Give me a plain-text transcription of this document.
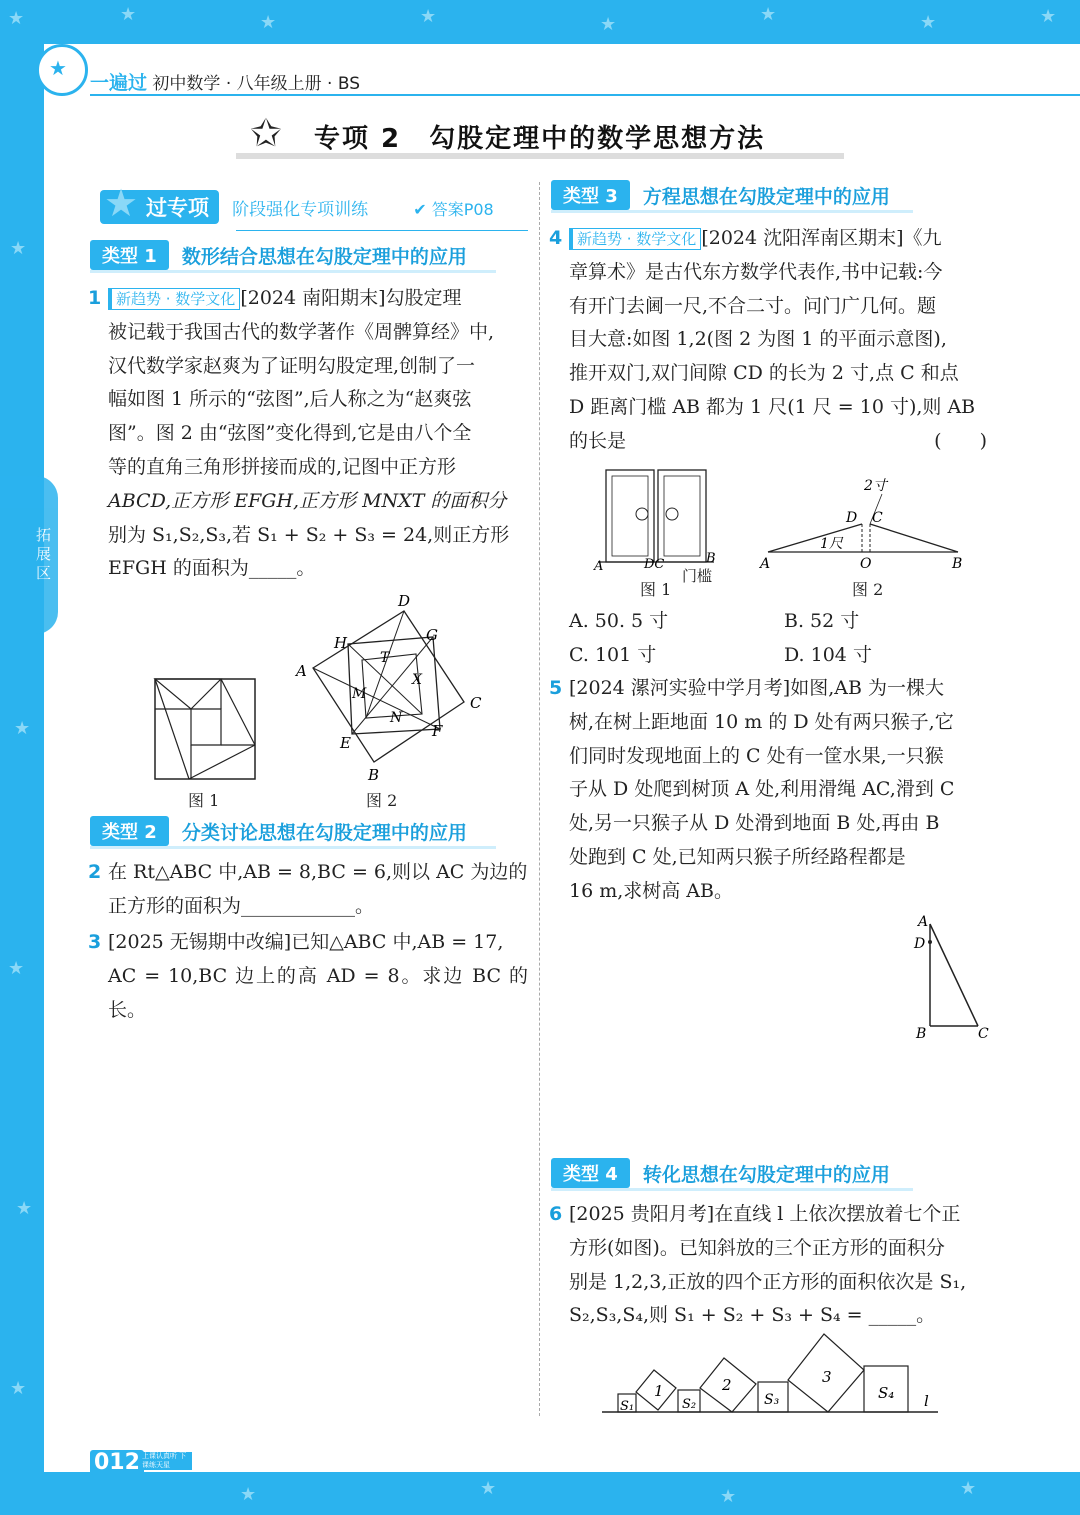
★	★	★	★	★	★	★	★
★
★
★
★
★
★	★	★	★
★
一遍过 初中数学 · 八年级上册 · BS
✩ 专项 2　勾股定理中的数学思想方法
拓展区
★ 过专项 阶段强化专项训练	✔ 答案P08
类型 1 数形结合思想在勾股定理中的应用
1 新趋势 · 数学文化 [2024 南阳期末]勾股定理
被记载于我国古代的数学著作《周髀算经》中,
汉代数学家赵爽为了证明勾股定理,创制了一
幅如图 1 所示的“弦图”,后人称之为“赵爽弦
图”。图 2 由“弦图”变化得到,它是由八个全
等的直角三角形拼接而成的,记图中正方形
ABCD,正方形 EFGH,正方形 MNXT 的面积分
别为 S₁,S₂,S₃,若 S₁ + S₂ + S₃ = 24,则正方形
EFGH 的面积为_____。
图 1
D
G
H
T
A	X
M
N
C
F
E
B
图 2
类型 2 分类讨论思想在勾股定理中的应用
2 在 Rt△ABC 中,AB = 8,BC = 6,则以 AC 为边的
正方形的面积为____________。
3 [2025 无锡期中改编]已知△ABC 中,AB = 17,
AC = 10,BC 边上的高 AD = 8。求边 BC 的长。
类型 3 方程思想在勾股定理中的应用
4 新趋势 · 数学文化 [2024 沈阳浑南区期末]《九
章算术》是古代东方数学代表作,书中记载:今
有开门去阃一尺,不合二寸。问门广几何。题
目大意:如图 1,2(图 2 为图 1 的平面示意图),
推开双门,双门间隙 CD 的长为 2 寸,点 C 和点
D 距离门槛 AB 都为 1 尺(1 尺 = 10 寸),则 AB
的长是	(　　)
A	DC	B
门槛
图 1
2寸
D C
1尺
A	O	B
图 2
A. 50. 5 寸	B. 52 寸
C. 101 寸	D. 104 寸
5 [2024 漯河实验中学月考]如图,AB 为一棵大
树,在树上距地面 10 m 的 D 处有两只猴子,它
们同时发现地面上的 C 处有一筐水果,一只猴
子从 D 处爬到树顶 A 处,利用滑绳 AC,滑到 C
处,另一只猴子从 D 处滑到地面 B 处,再由 B
处跑到 C 处,已知两只猴子所经路程都是
16 m,求树高 AB。
A
D
B	C
类型 4 转化思想在勾股定理中的应用
6 [2025 贵阳月考]在直线 l 上依次摆放着七个正
方形(如图)。已知斜放的三个正方形的面积分
别是 1,2,3,正放的四个正方形的面积依次是 S₁,
S₂,S₃,S₄,则 S₁ + S₂ + S₃ + S₄ = _____。
S₁
1
S₂
2
S₃
3
S₄ l
★ 012 上课认真听 下课练天星
